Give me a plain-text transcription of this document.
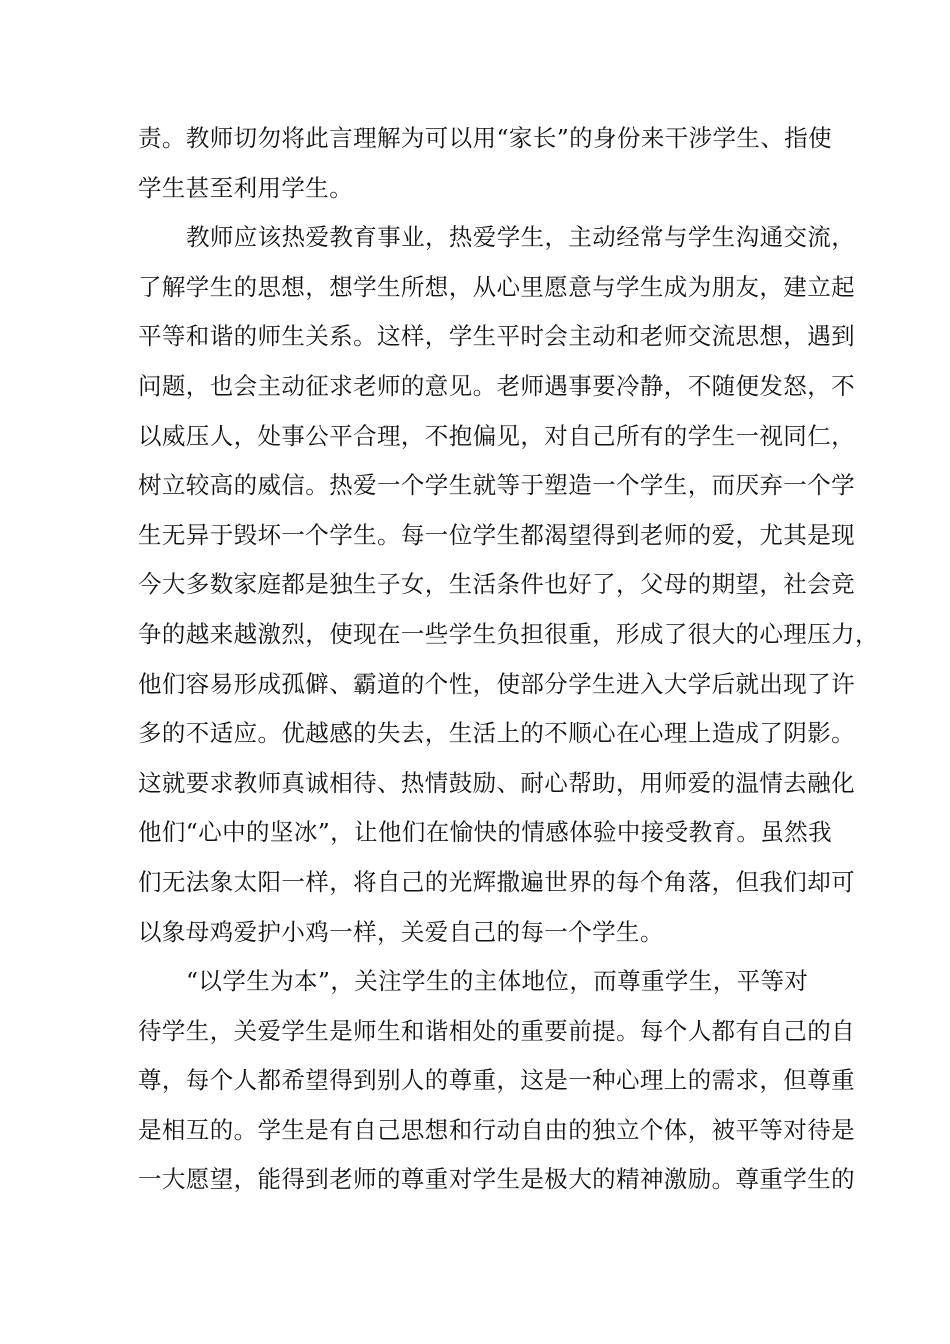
责。教师切勿将此言理解为可以用“家长”的身份来干涉学生、指使
学生甚至利用学生。
教师应该热爱教育事业，热爱学生，主动经常与学生沟通交流，
了解学生的思想，想学生所想，从心里愿意与学生成为朋友，建立起
平等和谐的师生关系。这样，学生平时会主动和老师交流思想，遇到
问题，也会主动征求老师的意见。老师遇事要冷静，不随便发怒，不
以威压人，处事公平合理，不抱偏见，对自己所有的学生一视同仁，
树立较高的威信。热爱一个学生就等于塑造一个学生，而厌弃一个学
生无异于毁坏一个学生。每一位学生都渴望得到老师的爱，尤其是现
今大多数家庭都是独生子女，生活条件也好了，父母的期望，社会竞
争的越来越激烈，使现在一些学生负担很重，形成了很大的心理压力，
他们容易形成孤僻、霸道的个性，使部分学生进入大学后就出现了许
多的不适应。优越感的失去，生活上的不顺心在心理上造成了阴影。
这就要求教师真诚相待、热情鼓励、耐心帮助，用师爱的温情去融化
他们“心中的坚冰”，让他们在愉快的情感体验中接受教育。虽然我
们无法象太阳一样，将自己的光辉撒遍世界的每个角落，但我们却可
以象母鸡爱护小鸡一样，关爱自己的每一个学生。
“以学生为本”，关注学生的主体地位，而尊重学生，平等对
待学生，关爱学生是师生和谐相处的重要前提。每个人都有自己的自
尊，每个人都希望得到别人的尊重，这是一种心理上的需求，但尊重
是相互的。学生是有自己思想和行动自由的独立个体，被平等对待是
一大愿望，能得到老师的尊重对学生是极大的精神激励。尊重学生的
